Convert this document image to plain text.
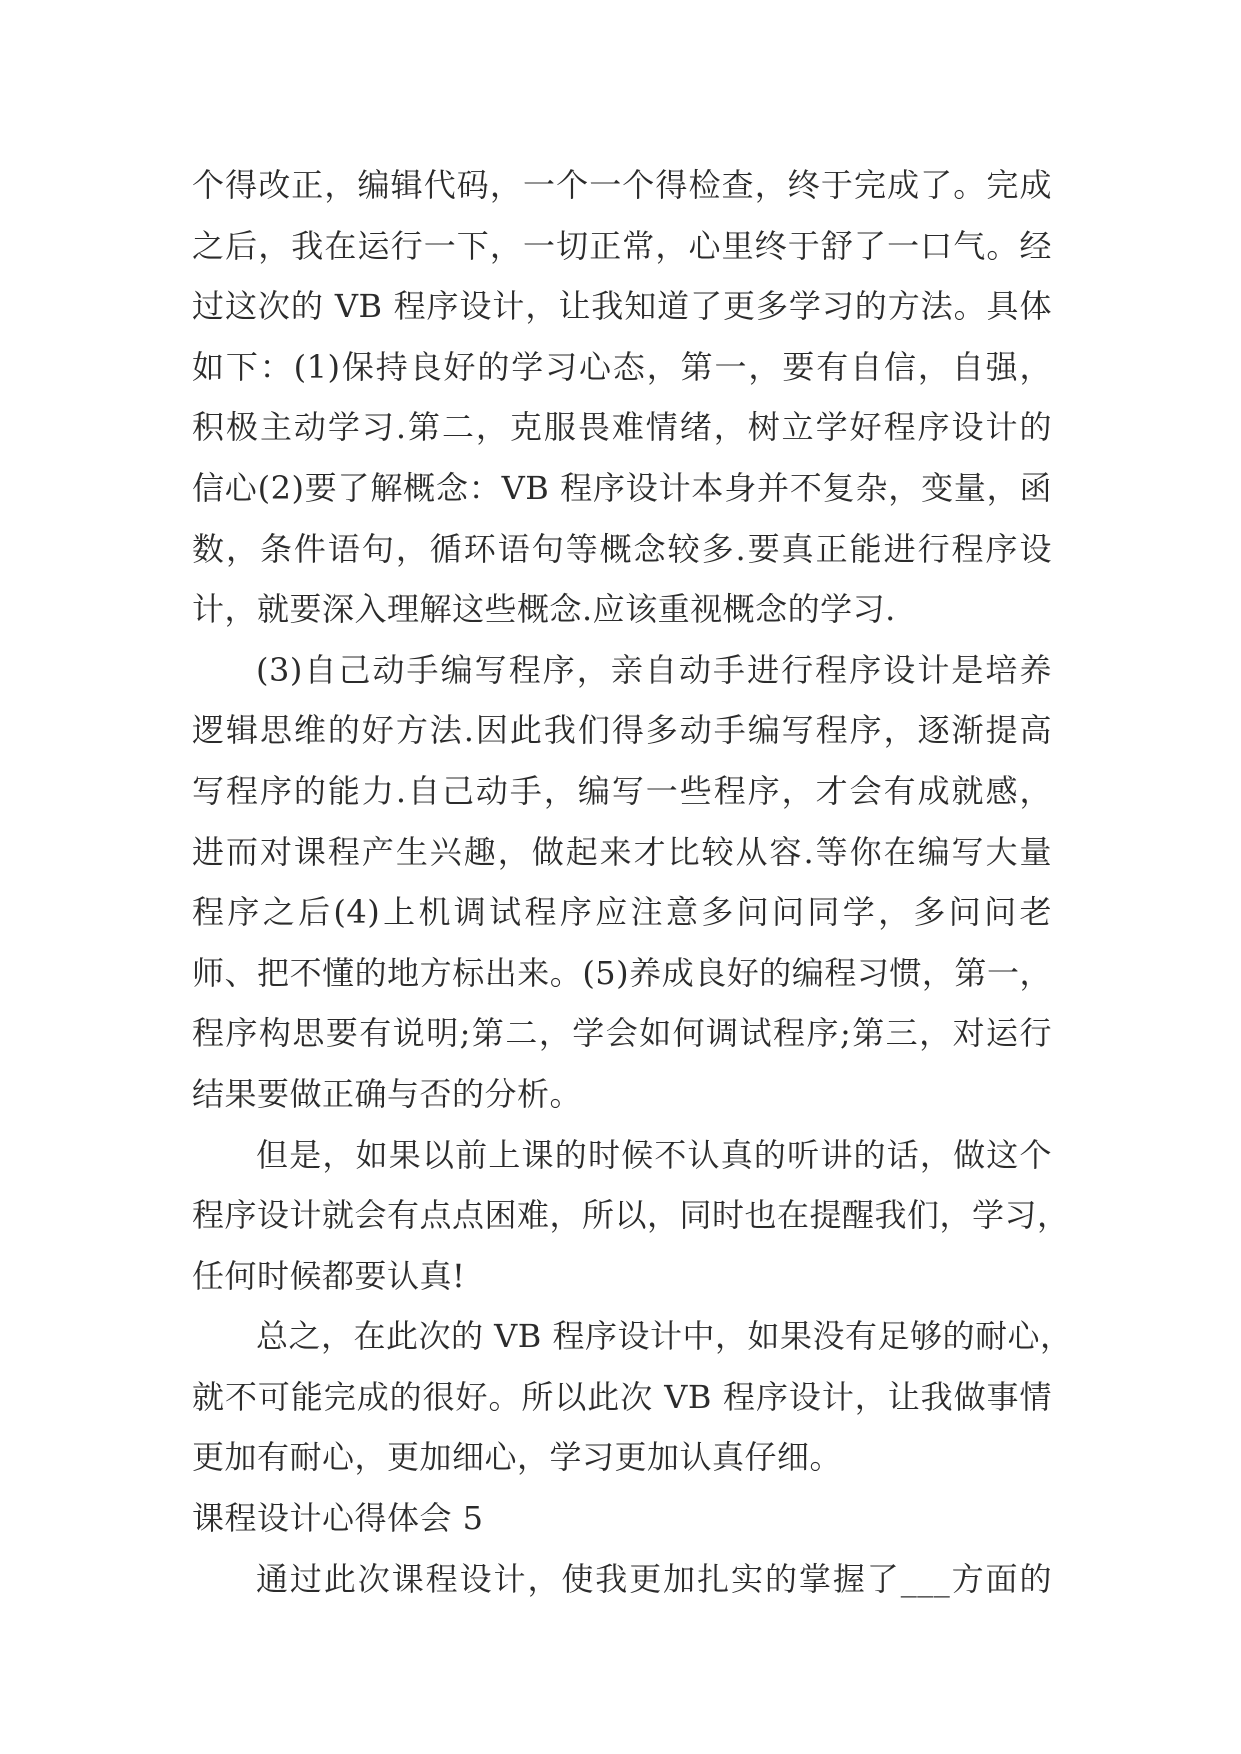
个得改正，编辑代码，一个一个得检查，终于完成了。完成
之后，我在运行一下，一切正常，心里终于舒了一口气。经
过这次的 VB 程序设计，让我知道了更多学习的方法。具体
如下：(1)保持良好的学习心态，第一，要有自信，自强，
积极主动学习.第二，克服畏难情绪，树立学好程序设计的
信心(2)要了解概念：VB 程序设计本身并不复杂，变量，函
数，条件语句，循环语句等概念较多.要真正能进行程序设
计，就要深入理解这些概念.应该重视概念的学习.
(3)自己动手编写程序，亲自动手进行程序设计是培养
逻辑思维的好方法.因此我们得多动手编写程序，逐渐提高
写程序的能力.自己动手，编写一些程序，才会有成就感，
进而对课程产生兴趣，做起来才比较从容.等你在编写大量
程序之后(4)上机调试程序应注意多问问同学，多问问老
师、把不懂的地方标出来。(5)养成良好的编程习惯，第一，
程序构思要有说明;第二，学会如何调试程序;第三，对运行
结果要做正确与否的分析。
但是，如果以前上课的时候不认真的听讲的话，做这个
程序设计就会有点点困难，所以，同时也在提醒我们，学习，
任何时候都要认真!
总之，在此次的 VB 程序设计中，如果没有足够的耐心，
就不可能完成的很好。所以此次 VB 程序设计，让我做事情
更加有耐心，更加细心，学习更加认真仔细。
课程设计心得体会 5
通过此次课程设计，使我更加扎实的掌握了___方面的
